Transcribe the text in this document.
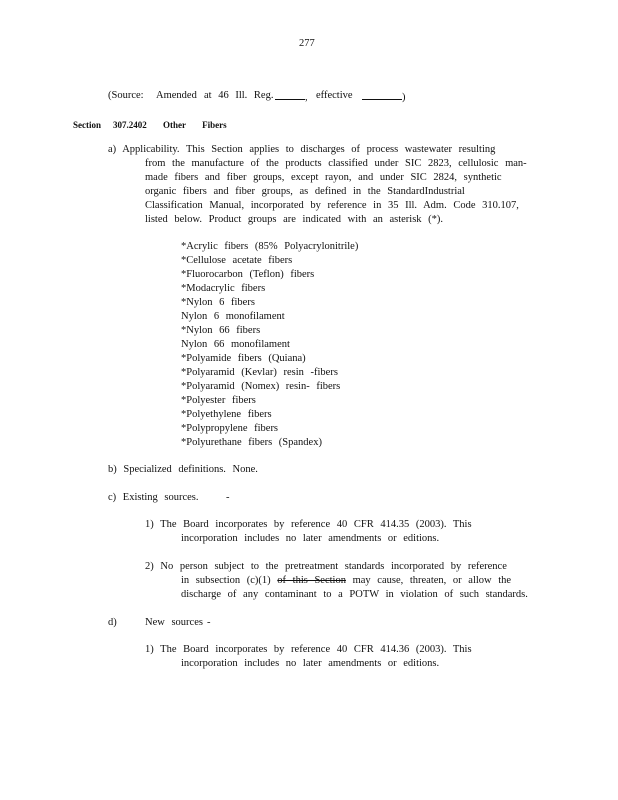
277
(Source: Amended at 46 Ill. Reg.	, effective	)
Section 307.2402 Other Fibers
a) Applicability. This Section applies to discharges of process wastewater resulting
from the manufacture of the products classified under SIC 2823, cellulosic man-
made fibers and fiber groups, except rayon, and under SIC 2824, synthetic
organic fibers and fiber groups, as defined in the StandardIndustrial
Classification Manual, incorporated by reference in 35 Ill. Adm. Code 310.107,
listed below. Product groups are indicated with an asterisk (*).
*Acrylic fibers (85% Polyacrylonitrile)
*Cellulose acetate fibers
*Fluorocarbon (Teflon) fibers
*Modacrylic fibers
*Nylon 6 fibers
Nylon 6 monofilament
*Nylon 66 fibers
Nylon 66 monofilament
*Polyamide fibers (Quiana)
*Polyaramid (Kevlar) resin -fibers
*Polyaramid (Nomex) resin- fibers
*Polyester fibers
*Polyethylene fibers
*Polypropylene fibers
*Polyurethane fibers (Spandex)
b) Specialized definitions. None.
c) Existing sources.	-
1) The Board incorporates by reference 40 CFR 414.35 (2003). This
incorporation includes no later amendments or editions.
2) No person subject to the pretreatment standards incorporated by reference
in subsection (c)(1) of this Section may cause, threaten, or allow the
discharge of any contaminant to a POTW in violation of such standards.
d)	New sources -
1) The Board incorporates by reference 40 CFR 414.36 (2003). This
incorporation includes no later amendments or editions.
